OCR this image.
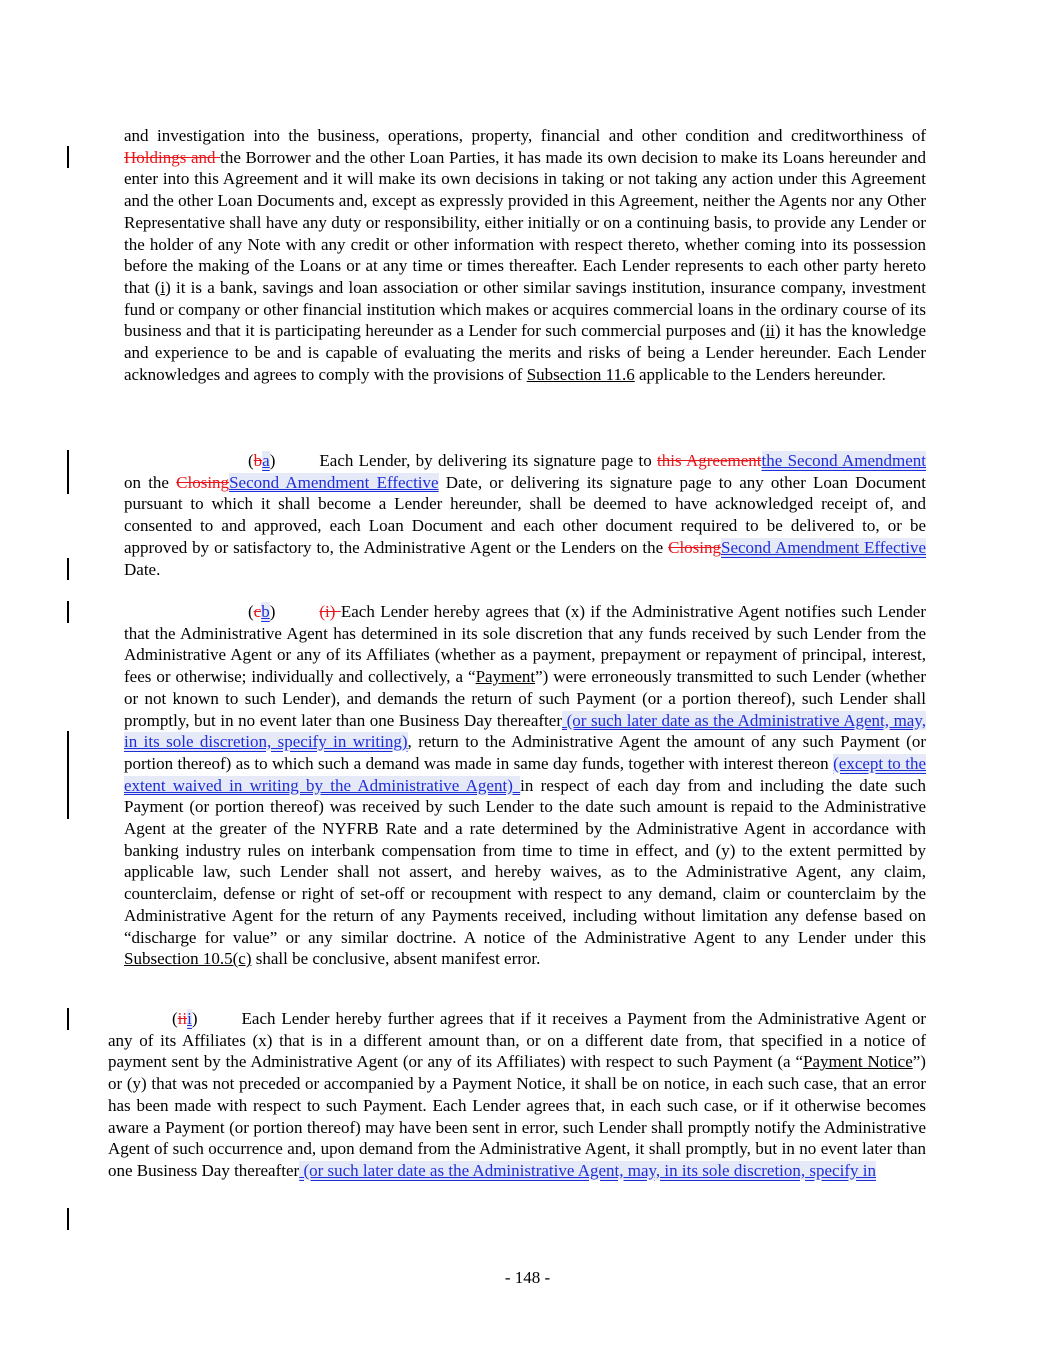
and investigation into the business, operations, property, financial and other condition and creditworthiness of Holdings and the Borrower and the other Loan Parties, it has made its own decision to make its Loans hereunder and enter into this Agreement and it will make its own decisions in taking or not taking any action under this Agreement and the other Loan Documents and, except as expressly provided in this Agreement, neither the Agents nor any Other Representative shall have any duty or responsibility, either initially or on a continuing basis, to provide any Lender or the holder of any Note with any credit or other information with respect thereto, whether coming into its possession before the making of the Loans or at any time or times thereafter. Each Lender represents to each other party hereto that (i) it is a bank, savings and loan association or other similar savings institution, insurance company, investment fund or company or other financial institution which makes or acquires commercial loans in the ordinary course of its business and that it is participating hereunder as a Lender for such commercial purposes and (ii) it has the knowledge and experience to be and is capable of evaluating the merits and risks of being a Lender hereunder. Each Lender acknowledges and agrees to comply with the provisions of Subsection 11.6 applicable to the Lenders hereunder.

(ba)	Each Lender, by delivering its signature page to this Agreementthe Second Amendment on the ClosingSecond Amendment Effective Date, or delivering its signature page to any other Loan Document pursuant to which it shall become a Lender hereunder, shall be deemed to have acknowledged receipt of, and consented to and approved, each Loan Document and each other document required to be delivered to, or be approved by or satisfactory to, the Administrative Agent or the Lenders on the ClosingSecond Amendment Effective Date.

(cb)	(i) Each Lender hereby agrees that (x) if the Administrative Agent notifies such Lender that the Administrative Agent has determined in its sole discretion that any funds received by such Lender from the Administrative Agent or any of its Affiliates (whether as a payment, prepayment or repayment of principal, interest, fees or otherwise; individually and collectively, a “Payment”) were erroneously transmitted to such Lender (whether or not known to such Lender), and demands the return of such Payment (or a portion thereof), such Lender shall promptly, but in no event later than one Business Day thereafter (or such later date as the Administrative Agent, may, in its sole discretion, specify in writing), return to the Administrative Agent the amount of any such Payment (or portion thereof) as to which such a demand was made in same day funds, together with interest thereon (except to the extent waived in writing by the Administrative Agent) in respect of each day from and including the date such Payment (or portion thereof) was received by such Lender to the date such amount is repaid to the Administrative Agent at the greater of the NYFRB Rate and a rate determined by the Administrative Agent in accordance with banking industry rules on interbank compensation from time to time in effect, and (y) to the extent permitted by applicable law, such Lender shall not assert, and hereby waives, as to the Administrative Agent, any claim, counterclaim, defense or right of set-off or recoupment with respect to any demand, claim or counterclaim by the Administrative Agent for the return of any Payments received, including without limitation any defense based on “discharge for value” or any similar doctrine. A notice of the Administrative Agent to any Lender under this Subsection 10.5(c) shall be conclusive, absent manifest error.

(iii)	Each Lender hereby further agrees that if it receives a Payment from the Administrative Agent or any of its Affiliates (x) that is in a different amount than, or on a different date from, that specified in a notice of payment sent by the Administrative Agent (or any of its Affiliates) with respect to such Payment (a “Payment Notice”) or (y) that was not preceded or accompanied by a Payment Notice, it shall be on notice, in each such case, that an error has been made with respect to such Payment. Each Lender agrees that, in each such case, or if it otherwise becomes aware a Payment (or portion thereof) may have been sent in error, such Lender shall promptly notify the Administrative Agent of such occurrence and, upon demand from the Administrative Agent, it shall promptly, but in no event later than one Business Day thereafter (or such later date as the Administrative Agent, may, in its sole discretion, specify in

- 148 -
